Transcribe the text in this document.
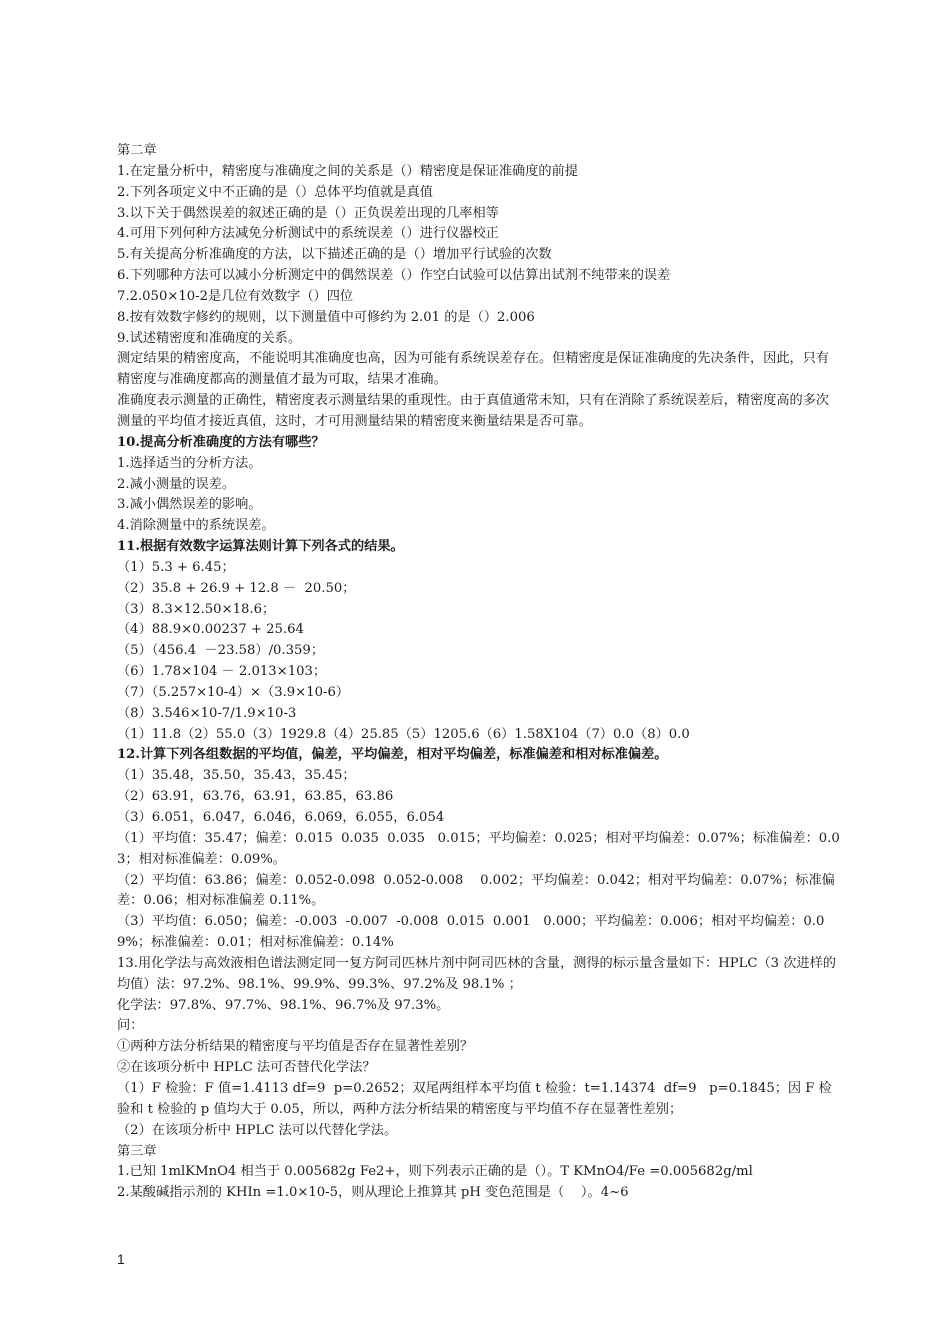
第二章
1.在定量分析中，精密度与准确度之间的关系是（）精密度是保证准确度的前提
2.下列各项定义中不正确的是（）总体平均值就是真值
3.以下关于偶然误差的叙述正确的是（）正负误差出现的几率相等
4.可用下列何种方法减免分析测试中的系统误差（）进行仪器校正
5.有关提高分析准确度的方法，以下描述正确的是（）增加平行试验的次数
6.下列哪种方法可以减小分析测定中的偶然误差（）作空白试验可以估算出试剂不纯带来的误差
7.2.050×10-2是几位有效数字（）四位
8.按有效数字修约的规则，以下测量值中可修约为 2.01 的是（）2.006
9.试述精密度和准确度的关系。
测定结果的精密度高，不能说明其准确度也高，因为可能有系统误差存在。但精密度是保证准确度的先决条件，因此，只有精密度与准确度都高的测量值才最为可取，结果才准确。
准确度表示测量的正确性，精密度表示测量结果的重现性。由于真值通常未知，只有在消除了系统误差后，精密度高的多次测量的平均值才接近真值，这时，才可用测量结果的精密度来衡量结果是否可靠。
10.提高分析准确度的方法有哪些？
1.选择适当的分析方法。
2.减小测量的误差。
3.减小偶然误差的影响。
4.消除测量中的系统误差。
11.根据有效数字运算法则计算下列各式的结果。
（1）5.3 + 6.45；
（2）35.8 + 26.9 + 12.8 －  20.50；
（3）8.3×12.50×18.6；
（4）88.9×0.00237 + 25.64
（5）（456.4  －23.58）/0.359；
（6）1.78×104 － 2.013×103；
（7）（5.257×10-4）×（3.9×10-6）
（8）3.546×10-7/1.9×10-3
（1）11.8（2）55.0（3）1929.8（4）25.85（5）1205.6（6）1.58X104（7）0.0（8）0.0
12.计算下列各组数据的平均值，偏差，平均偏差，相对平均偏差，标准偏差和相对标准偏差。
（1）35.48，35.50，35.43，35.45；
（2）63.91，63.76，63.91，63.85，63.86
（3）6.051，6.047，6.046，6.069，6.055，6.054
（1）平均值：35.47；偏差：0.015  0.035  0.035   0.015；平均偏差：0.025；相对平均偏差：0.07%；标准偏差：0.03；相对标准偏差：0.09%。
（2）平均值：63.86；偏差：0.052-0.098  0.052-0.008    0.002；平均偏差：0.042；相对平均偏差：0.07%；标准偏差：0.06；相对标准偏差 0.11%。
（3）平均值：6.050；偏差：-0.003  -0.007  -0.008  0.015  0.001   0.000；平均偏差：0.006；相对平均偏差：0.09%；标准偏差：0.01；相对标准偏差：0.14%
13.用化学法与高效液相色谱法测定同一复方阿司匹林片剂中阿司匹林的含量，测得的标示量含量如下：HPLC（3 次进样的均值）法：97.2%、98.1%、99.9%、99.3%、97.2%及 98.1% ；
化学法：97.8%、97.7%、98.1%、96.7%及 97.3%。
问：
①两种方法分析结果的精密度与平均值是否存在显著性差别？
②在该项分析中 HPLC 法可否替代化学法？
（1）F 检验：F 值=1.4113 df=9  p=0.2652；双尾两组样本平均值 t 检验：t=1.14374  df=9   p=0.1845；因 F 检验和 t 检验的 p 值均大于 0.05，所以，两种方法分析结果的精密度与平均值不存在显著性差别；
（2）在该项分析中 HPLC 法可以代替化学法。
第三章
1.已知 1mlKMnO4 相当于 0.005682g Fe2+，则下列表示正确的是（）。T KMnO4/Fe =0.005682g/ml
2.某酸碱指示剂的 KHIn =1.0×10-5，则从理论上推算其 pH 变色范围是（    ）。4~6
1
